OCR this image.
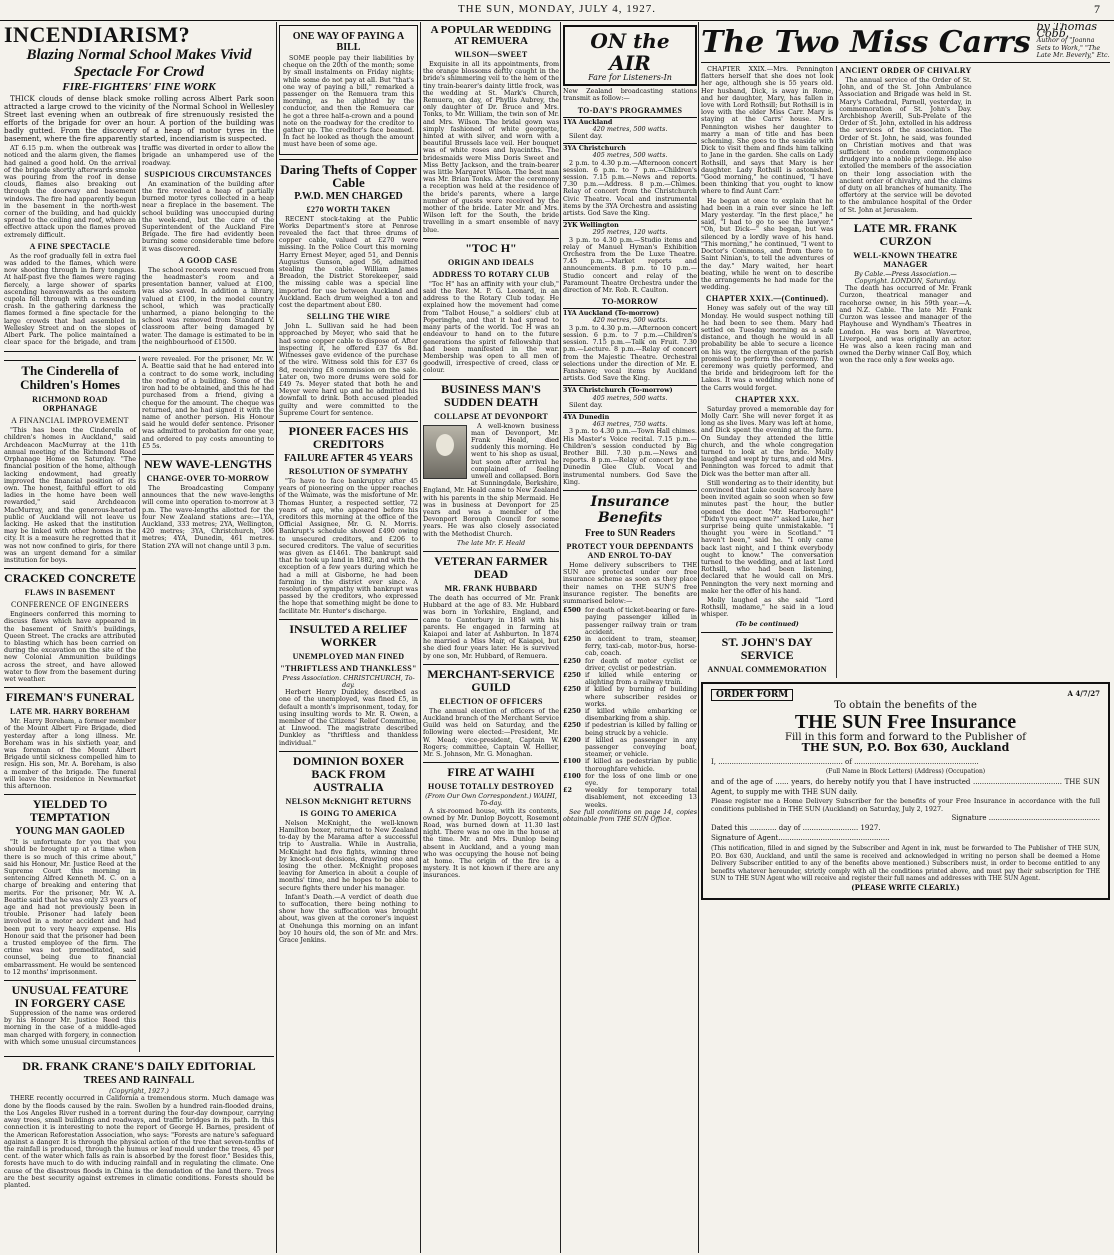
THE SUN, MONDAY, JULY 4, 1927.	7
INCENDIARISM?
Blazing Normal School Makes Vivid Spectacle For Crowd
FIRE-FIGHTERS' FINE WORK

THICK clouds of dense black smoke rolling across Albert Park soon attracted a large crowd to the vicinity of the Normal School in Wellesley Street last evening when an outbreak of fire strenuously resisted the efforts of the brigade for over an hour. A portion of the building was badly gutted. From the discovery of a heap of motor tyres in the basement, where the fire apparently started, incendiarism is suspected.

AT 6.15 p.m. when the outbreak was noticed and the alarm given, the flames had gained a good hold. On the arrival of the brigade shortly afterwards smoke was pouring from the roof in dense clouds, flames also breaking out through the doorway and basement windows. The fire had apparently begun in the basement in the north-west corner of the building, and had quickly spread to the ceiling and roof, where an effective attack upon the flames proved extremely difficult.

A FINE SPECTACLE

As the roof gradually fell in extra fuel was added to the flames, which were now shooting through in fiery tongues. At half-past five the flames were raging fiercely, a large shower of sparks ascending heavenwards as the eastern cupola fell through with a resounding crash. In the gathering darkness the flames formed a fine spectacle for the large crowds that had assembled in Wellesley Street and on the slopes of Albert Park. The police maintained a clear space for the brigade, and tram traffic was diverted in order to allow the brigade an unhampered use of the roadway.

SUSPICIOUS CIRCUMSTANCES

An examination of the building after the fire revealed a heap of partially burned motor tyres collected in a heap near a fireplace in the basement. The school building was unoccupied during the week-end, but the care of the Superintendent of the Auckland Fire Brigade. The fire had evidently been burning some considerable time before it was discovered.

A GOOD CASE

The school records were rescued from the headmaster's room and a presentation banner, valued at £100, was also saved. In addition a library, valued at £100, in the model country school, which was practically unharmed, a piano belonging to the school was removed from Standard V. classroom after being damaged by water. The damage is estimated to be in the neighbourhood of £1500.

The Cinderella of Children's Homes
RICHMOND ROAD ORPHANAGE
A FINANCIAL IMPROVEMENT

"This has been the Cinderella of children's homes in Auckland," said Archdeacon MacMurray at the 11th annual meeting of the Richmond Road Orphanage Home on Saturday. "The financial position of the home, although lacking endowment, had greatly improved the financial position of its own. The honest, faithful effort to old ladies in the home have been well rewarded," said Archdeacon MacMurray, and the generous-hearted public of Auckland will not leave us lacking. He asked that the institution may be linked with other homes in the city. It is a measure he regretted that it was not now confined to girls, for there was an urgent demand for a similar institution for boys.

CRACKED CONCRETE
FLAWS IN BASEMENT
CONFERENCE OF ENGINEERS

Engineers conferred this morning to discuss flaws which have appeared in the basement of Smith's buildings, Queen Street. The cracks are attributed to blasting which has been carried on during the excavation on the site of the new Colonial Ammunition buildings across the street, and have allowed water to flow from the basement during wet weather.

FIREMAN'S FUNERAL
LATE MR. HARRY BOREHAM

Mr. Harry Boreham, a former member of the Mount Albert Fire Brigade, died yesterday after a long illness. Mr. Boreham was in his sixtieth year, and was foreman of the Mount Albert Brigade until sickness compelled him to resign. His son, Mr. A. Boreham, is also a member of the brigade. The funeral will leave the residence in Newmarket this afternoon.

YIELDED TO TEMPTATION
YOUNG MAN GAOLED

"It is unfortunate for you that you should be brought up at a time when there is so much of this crime about," said his Honour, Mr. Justice Reed at the Supreme Court this morning in sentencing Alfred Kenneth M. C. on a charge of breaking and entering that merits. For the prisoner, Mr. W. A. Beattie said that he was only 23 years of age and had not previously been in trouble. Prisoner had lately been involved in a motor accident and had been put to very heavy expense. His Honour said that the prisoner had been a trusted employee of the firm. The crime was not premeditated, said counsel, being due to financial embarrassment. He would be sentenced to 12 months' imprisonment.

UNUSUAL FEATURE IN FORGERY CASE

Suppression of the name was ordered by his Honour Mr. Justice Reed this morning in the case of a middle-aged man charged with forgery, in connection with which some unusual circumstances were revealed. For the prisoner, Mr. W. A. Beattie said that he had entered into a contract to do some work, including the roofing of a building. Some of the iron had to be obtained, and this he had purchased from a friend, giving a cheque for the amount. The cheque was returned, and he had signed it with the name of another person. His Honour said he would defer sentence. Prisoner was admitted to probation for one year, and ordered to pay costs amounting to £5 5s.

NEW WAVE-LENGTHS
CHANGE-OVER TO-MORROW

The Broadcasting Company announces that the new wave-lengths will come into operation to-morrow at 3 p.m. The wave-lengths allotted for the four New Zealand stations are:—1YA, Auckland, 333 metres; 2YA, Wellington, 420 metres; 3YA, Christchurch, 306 metres; 4YA, Dunedin, 461 metres. Station 2YA will not change until 3 p.m.

DR. FRANK CRANE'S DAILY EDITORIAL
TREES AND RAINFALL
(Copyright, 1927.)

THERE recently occurred in California a tremendous storm. Much damage was done by the floods caused by the rain. Swollen by a hundred rain-flooded drains, the Los Angeles River rushed in a torrent during the four-day downpour, carrying away trees, small buildings and roadways, and traffic bridges in its path. In this connection it is interesting to note the report of George H. Barnes, president of the American Reforestation Association, who says: "Forests are nature's safeguard against a danger. It is through the physical action of the tree that seven-tenths of the rainfall is produced, through the humus or leaf mould under the trees, 45 per cent. of the water which falls as rain is absorbed by the forest floor." Besides this, forests have much to do with inducing rainfall and in regulating the climate. One cause of the disastrous floods in China is the denudation of the land there. Trees are the best security against extremes in climatic conditions. Forests should be planted.

ONE WAY OF PAYING A BILL

SOME people pay their liabilities by cheque on the 20th of the month; some by small instalments on Friday nights; while some do not pay at all. But "that's one way of paying a bill," remarked a passenger on the Remuera tram this morning, as he alighted by the conductor, and then the Remuera car he got a three half-a-crown and a pound note on the roadway for the creditor to gather up. The creditor's face beamed. In fact he looked as though the amount must have been of some age.

Daring Thefts of Copper Cable
P.W.D. MEN CHARGED
£270 WORTH TAKEN

RECENT stock-taking at the Public Works Department's store at Penrose revealed the fact that three drums of copper cable, valued at £270 were missing. In the Police Court this morning Harry Ernest Meyer, aged 51, and Dennis Augustus Gunson, aged 56, admitted stealing the cable. William James Breadon, the District Storekeeper, said the missing cable was a special line imported for use between Auckland and Auckland. Each drum weighed a ton and cost the department about £80.

SELLING THE WIRE

John L. Sullivan said he had been approached by Meyer, who said that he had some copper cable to dispose of. After inspecting it, he offered £37 6s 8d. Witnesses gave evidence of the purchase of the wire. Witness sold this for £37 6s 8d, receiving £8 commission on the sale. Later on, two more drums were sold for £49 7s. Meyer stated that both he and Meyer were hard up and he admitted his downfall to drink. Both accused pleaded guilty and were committed to the Supreme Court for sentence.

PIONEER FACES HIS CREDITORS
FAILURE AFTER 45 YEARS
RESOLUTION OF SYMPATHY

"To have to face bankruptcy after 45 years of pioneering on the upper reaches of the Waimate, was the misfortune of Mr. Thomas Hunter, a respected settler, 72 years of age, who appeared before his creditors this morning at the office of the Official Assignee, Mr. G. N. Morris. Bankrupt's schedule showed £490 owing to unsecured creditors, and £206 to secured creditors. The value of securities was given as £1461. The bankrupt said that he took up land in 1882, and with the exception of a few years during which he had a mill at Gisborne, he had been farming in the district ever since. A resolution of sympathy with bankrupt was passed by the creditors, who expressed the hope that something might be done to facilitate Mr. Hunter's discharge.

INSULTED A RELIEF WORKER
UNEMPLOYED MAN FINED
"THRIFTLESS AND THANKLESS"
Press Association. CHRISTCHURCH, To-day.

Herbert Henry Dunkley, described as one of the unemployed, was fined £5, in default a month's imprisonment, today, for using insulting words to Mr. R. Owen, a member of the Citizens' Relief Committee, at Linwood. The magistrate described Dunkley as "thriftless and thankless individual."

DOMINION BOXER BACK FROM AUSTRALIA
NELSON McKNIGHT RETURNS
IS GOING TO AMERICA

Nelson McKnight, the well-known Hamilton boxer, returned to New Zealand to-day by the Marama after a successful trip to Australia. While in Australia, McKnight had five fights, winning three by knock-out decisions, drawing one and losing the other. McKnight proposes leaving for America in about a couple of months' time, and he hopes to be able to secure fights there under his manager.

Infant's Death.—A verdict of death due to suffocation, there being nothing to show how the suffocation was brought about, was given at the coroner's inquest at Onehunga this morning on an infant boy 10 hours old, the son of Mr. and Mrs. Grace Jenkins.

A POPULAR WEDDING AT REMUERA
WILSON—SWEET

Exquisite in all its appointments, from the orange blossoms deftly caught in the bride's shimmering veil to the hem of the tiny train-bearer's dainty little frock, was the wedding at St. Mark's Church, Remuera, on day, of Phyllis Aubrey, the only daughter of Dr. Bruce and Mrs. Tonks, to Mr. William, the twin son of Mr. and Mrs. Wilson. The bridal gown was simply fashioned of white georgette, hinted at with silver, and worn with a beautiful Brussels lace veil. Her bouquet was of white roses and hyacinths. The bridesmaids were Miss Doris Sweet and Miss Betty Jackson, and the train-bearer was little Margaret Wilson. The best man was Mr. Brian Tonks. After the ceremony a reception was held at the residence of the bride's parents, where a large number of guests were received by the mother of the bride. Later Mr. and Mrs. Wilson left for the South, the bride travelling in a smart ensemble of navy blue.

"TOC H"
ORIGIN AND IDEALS
ADDRESS TO ROTARY CLUB

"Toc H" has an affinity with your club," said the Rev. M. P. G. Leonard, in an address to the Rotary Club today. He explained how the movement had come from "Talbot House," a soldiers' club at Poperinghe, and that it had spread to many parts of the world. Toc H was an endeavour to hand on to the future generations the spirit of fellowship that had been manifested in the war. Membership was open to all men of goodwill, irrespective of creed, class or colour.

BUSINESS MAN'S SUDDEN DEATH
COLLAPSE AT DEVONPORT

A well-known business man of Devonport, Mr. Frank Heald, died suddenly this morning. He went to his shop as usual, but soon after arrival he complained of feeling unwell and collapsed. Born at Sunningdale, Berkshire, England, Mr. Heald came to New Zealand with his parents in the ship Mermaid. He was in business at Devonport for 25 years and was a member of the Devonport Borough Council for some years. He was also closely associated with the Methodist Church.

The late Mr. F. Heald
VETERAN FARMER DEAD
MR. FRANK HUBBARD

The death has occurred of Mr. Frank Hubbard at the age of 83. Mr. Hubbard was born in Yorkshire, England, and came to Canterbury in 1858 with his parents. He engaged in farming at Kaiapoi and later at Ashburton. In 1874 he married a Miss Mair, of Kaiapoi, but she died four years later. He is survived by one son, Mr. Hubbard, of Remuera.

MERCHANT-SERVICE GUILD
ELECTION OF OFFICERS

The annual election of officers of the Auckland branch of the Merchant Service Guild was held on Saturday, and the following were elected:—President, Mr. W. Mead; vice-president, Captain W. Rogers; committee, Captain W. Hellier, Mr. S. Johnson, Mr. G. Monaghan.

FIRE AT WAIHI
HOUSE TOTALLY DESTROYED
(From Our Own Correspondent.) WAIHI, To-day.

A six-roomed house, with its contents, owned by Mr. Dunlop Boycott, Rosemont Road, was burned down at 11.30 last night. There was no one in the house at the time. Mr. and Mrs. Dunlop being absent in Auckland, and a young man who was occupying the house not being at home. The origin of the fire is a mystery. It is not known if there are any insurances.

ON the AIR
Fare for Listeners-In

New Zealand broadcasting stations transmit as follow:—

TO-DAY'S PROGRAMMES
1YA Auckland
420 metres, 500 watts.

Silent day.

3YA Christchurch
405 metres, 500 watts.

2 p.m. to 4.30 p.m.—Afternoon concert session. 6 p.m. to 7 p.m.—Children's session. 7.15 p.m.—News and reports. 7.30 p.m.—Address. 8 p.m.—Chimes. Relay of concert from the Christchurch Civic Theatre. Vocal and instrumental items by the 3YA Orchestra and assisting artists. God Save the King.

2YK Wellington
295 metres, 120 watts.

3 p.m. to 4.30 p.m.—Studio items and relay of Manuel Hyman's Exhibition Orchestra from the De Luxe Theatre. 7.45 p.m.—Market reports and announcements. 8 p.m. to 10 p.m.—Studio concert and relay of the Paramount Theatre Orchestra under the direction of Mr. Rob. R. Caulton.

TO-MORROW
1YA Auckland (To-morrow)
420 metres, 500 watts.

3 p.m. to 4.30 p.m.—Afternoon concert session. 6 p.m. to 7 p.m.—Children's session. 7.15 p.m.—Talk on Fruit. 7.30 p.m.—Lecture. 8 p.m.—Relay of concert from the Majestic Theatre. Orchestral selections under the direction of Mr. E. Fanshawe; vocal items by Auckland artists. God Save the King.

3YA Christchurch (To-morrow)
405 metres, 500 watts.

Silent day.

4YA Dunedin
463 metres, 750 watts.

3 p.m. to 4.30 p.m.—Town Hall chimes. His Master's Voice recital. 7.15 p.m.—Children's session conducted by Big Brother Bill. 7.30 p.m.—News and reports. 8 p.m.—Relay of concert by the Dunedin Glee Club. Vocal and instrumental numbers. God Save the King.

Insurance Benefits
Free to SUN Readers
PROTECT YOUR DEPENDANTS AND ENROL TO-DAY

Home delivery subscribers to THE SUN are protected under our free insurance scheme as soon as they place their names on THE SUN'S free insurance register. The benefits are summarised below:—

£500 for death of ticket-bearing or fare-paying passenger killed in passenger railway train or tram accident.
£250 in accident to tram, steamer, ferry, taxi-cab, motor-bus, horse-cab, coach.
£250 for death of motor cyclist or driver, cyclist or pedestrian.
£250 if killed while entering or alighting from a railway train.
£250 if killed by burning of building where subscriber resides or works.
£250 if killed while embarking or disembarking from a ship.
£250 if pedestrian is killed by falling or being struck by a vehicle.
£200 if killed as passenger in any passenger conveying boat, steamer, or vehicle.
£100 if killed as pedestrian by public thoroughfare vehicle.
£100 for the loss of one limb or one eye.
£2	weekly for temporary total disablement, not exceeding 13 weeks.

See full conditions on page 14, copies obtainable from THE SUN Office.

The Two Miss Carrs by Thomas Cobb.
Author of "Joanna Sets to Work," "The Late Mr. Beverly," Etc.

CHAPTER XXIX.—Mrs. Pennington flatters herself that she does not look her age, although she is 55 years old. Her husband, Dick, is away in Rome, and her daughter, Mary, has fallen in love with Lord Rothsill; but Rothsill is in love with the elder Miss Carr. Mary is staying at the Carrs' house. Mrs. Pennington wishes her daughter to marry a man of title and has been scheming. She goes to the seaside with Dick to visit them and finds him talking to Jane in the garden. She calls on Lady Rothsill, and says that Mary is her daughter. Lady Rothsill is astonished. "Good morning," he continued, "I have been thinking that you ought to know where to find Aunt Carr."

He began at once to explain that he had been in a rain ever since he left Mary yesterday. "In the first place," he said, "I had to go to see the lawyer." "Oh, but Dick—" she began, but was silenced by a lordly wave of his hand. "This morning," he continued, "I went to Doctor's Commons, and from there to Saint Ninian's, to tell the adventures of the day." Mary waited, her heart beating, while he went on to describe the arrangements he had made for the wedding.

CHAPTER XXIX.—(Continued).

Honey was safely out of the way till Monday. He would suspect nothing till he had been to see them. Mary had settled on Tuesday morning as a safe distance, and though he would in all probability be able to secure a licence on his way, the clergyman of the parish promised to perform the ceremony. The ceremony was quietly performed, and the bride and bridegroom left for the Lakes. It was a wedding which none of the Carrs would forget.

CHAPTER XXX.

Saturday proved a memorable day for Molly Carr. She will never forget it as long as she lives. Mary was left at home, and Dick spent the evening at the farm. On Sunday they attended the little church, and the whole congregation turned to look at the bride. Molly laughed and wept by turns, and old Mrs. Pennington was forced to admit that Dick was the better man after all.

Still wondering as to their identity, but convinced that Luke could scarcely have been invited again so soon when so few minutes past the hour, the butler opened the door. "Mr. Harborough!" "Didn't you expect me?" asked Luke, her surprise being quite unmistakable. "I thought you were in Scotland." "I haven't been," said he. "I only came back last night, and I think everybody ought to know." The conversation turned to the wedding, and at last Lord Rothsill, who had been listening, declared that he would call on Mrs. Pennington the very next morning and make her the offer of his hand.

Molly laughed as she said "Lord Rothsill, madame," he said in a loud whisper.

(To be continued)
ST. JOHN'S DAY SERVICE
ANNUAL COMMEMORATION
ANCIENT ORDER OF CHIVALRY

The annual service of the Order of St. John, and of the St. John Ambulance Association and Brigade was held in St. Mary's Cathedral, Parnell, yesterday, in commemoration of St. John's Day. Archbishop Averill, Sub-Prelate of the Order of St. John, extolled in his address the services of the association. The Order of St. John, he said, was founded on Christian motives and that was sufficient to condemn commonplace drudgery into a noble privilege. He also extolled the members of the association on their long association with the ancient order of chivalry, and the claims of duty on all branches of humanity. The offertory at the service will be devoted to the ambulance hospital of the Order of St. John at Jerusalem.

LATE MR. FRANK CURZON
WELL-KNOWN THEATRE MANAGER
By Cable.—Press Association.—Copyright. LONDON, Saturday.

The death has occurred of Mr. Frank Curzon, theatrical manager and racehorse owner, in his 59th year.—A. and N.Z. Cable. The late Mr. Frank Curzon was lessee and manager of the Playhouse and Wyndham's Theatres in London. He was born at Wavertree, Liverpool, and was originally an actor. He was also a keen racing man and owned the Derby winner Call Boy, which won the race only a few weeks ago.

ORDER FORM	A 4/7/27
To obtain the benefits of the
THE SUN Free Insurance
Fill in this form and forward to the Publisher of
THE SUN, P.O. Box 630, Auckland
I, ........................................................ of ........................................................
(Full Name in Block Letters) (Address) (Occupation)
and of the age of ...... years, do hereby notify you that I have instructed ........................................ THE SUN Agent, to supply me with THE SUN daily.
Please register me a Home Delivery Subscriber for the benefits of your Free Insurance in accordance with the full conditions published in THE SUN (Auckland) on Saturday, July 2, 1927.
Signature ..................................................
Dated this ............ day of ......................... 1927.
Signature of Agent..................................................
(This notification, filled in and signed by the Subscriber and Agent in ink, must be forwarded to The Publisher of THE SUN, P.O. Box 630, Auckland, and until the same is received and acknowledged in writing no person shall be deemed a Home Delivery Subscriber entitled to any of the benefits above mentioned.) Subscribers must, in order to become entitled to any benefits whatever hereunder, strictly comply with all the conditions printed above, and must pay their subscription for THE SUN to THE SUN Agent who will receive and register their full names and addresses with THE SUN Agent.
(PLEASE WRITE CLEARLY.)
